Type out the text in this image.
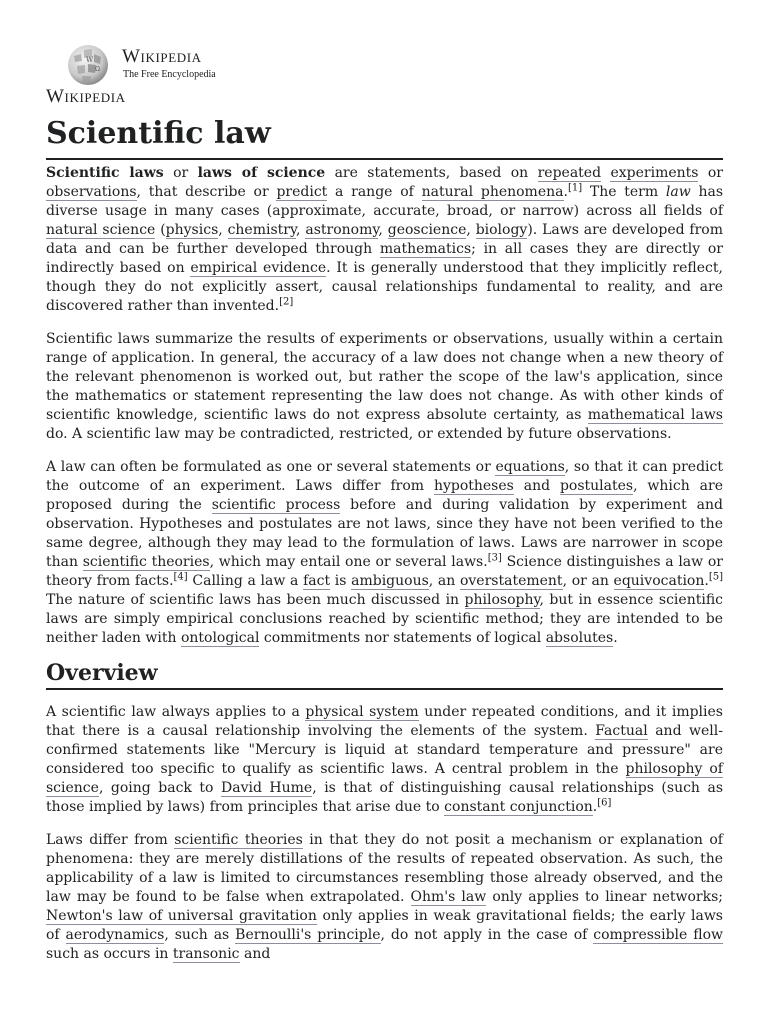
W
Ω
Wikipedia
The Free Encyclopedia
Wikipedia
Scientific law

Scientific laws or laws of science are statements, based on repeated experiments or observations, that describe or predict a range of natural phenomena.[1] The term law has diverse usage in many cases (approximate, accurate, broad, or narrow) across all fields of natural science (physics, chemistry, astronomy, geoscience, biology). Laws are developed from data and can be further developed through mathematics; in all cases they are directly or indirectly based on empirical evidence. It is generally understood that they implicitly reflect, though they do not explicitly assert, causal relationships fundamental to reality, and are discovered rather than invented.[2]

Scientific laws summarize the results of experiments or observations, usually within a certain range of application. In general, the accuracy of a law does not change when a new theory of the relevant phenomenon is worked out, but rather the scope of the law's application, since the mathematics or statement representing the law does not change. As with other kinds of scientific knowledge, scientific laws do not express absolute certainty, as mathematical laws do. A scientific law may be contradicted, restricted, or extended by future observations.

A law can often be formulated as one or several statements or equations, so that it can predict the outcome of an experiment. Laws differ from hypotheses and postulates, which are proposed during the scientific process before and during validation by experiment and observation. Hypotheses and postulates are not laws, since they have not been verified to the same degree, although they may lead to the formulation of laws. Laws are narrower in scope than scientific theories, which may entail one or several laws.[3] Science distinguishes a law or theory from facts.[4] Calling a law a fact is ambiguous, an overstatement, or an equivocation.[5] The nature of scientific laws has been much discussed in philosophy, but in essence scientific laws are simply empirical conclusions reached by scientific method; they are intended to be neither laden with ontological commitments nor statements of logical absolutes.

Overview

A scientific law always applies to a physical system under repeated conditions, and it implies that there is a causal relationship involving the elements of the system. Factual and well-confirmed statements like "Mercury is liquid at standard temperature and pressure" are considered too specific to qualify as scientific laws. A central problem in the philosophy of science, going back to David Hume, is that of distinguishing causal relationships (such as those implied by laws) from principles that arise due to constant conjunction.[6]

Laws differ from scientific theories in that they do not posit a mechanism or explanation of phenomena: they are merely distillations of the results of repeated observation. As such, the applicability of a law is limited to circumstances resembling those already observed, and the law may be found to be false when extrapolated. Ohm's law only applies to linear networks; Newton's law of universal gravitation only applies in weak gravitational fields; the early laws of aerodynamics, such as Bernoulli's principle, do not apply in the case of compressible flow such as occurs in transonic and
